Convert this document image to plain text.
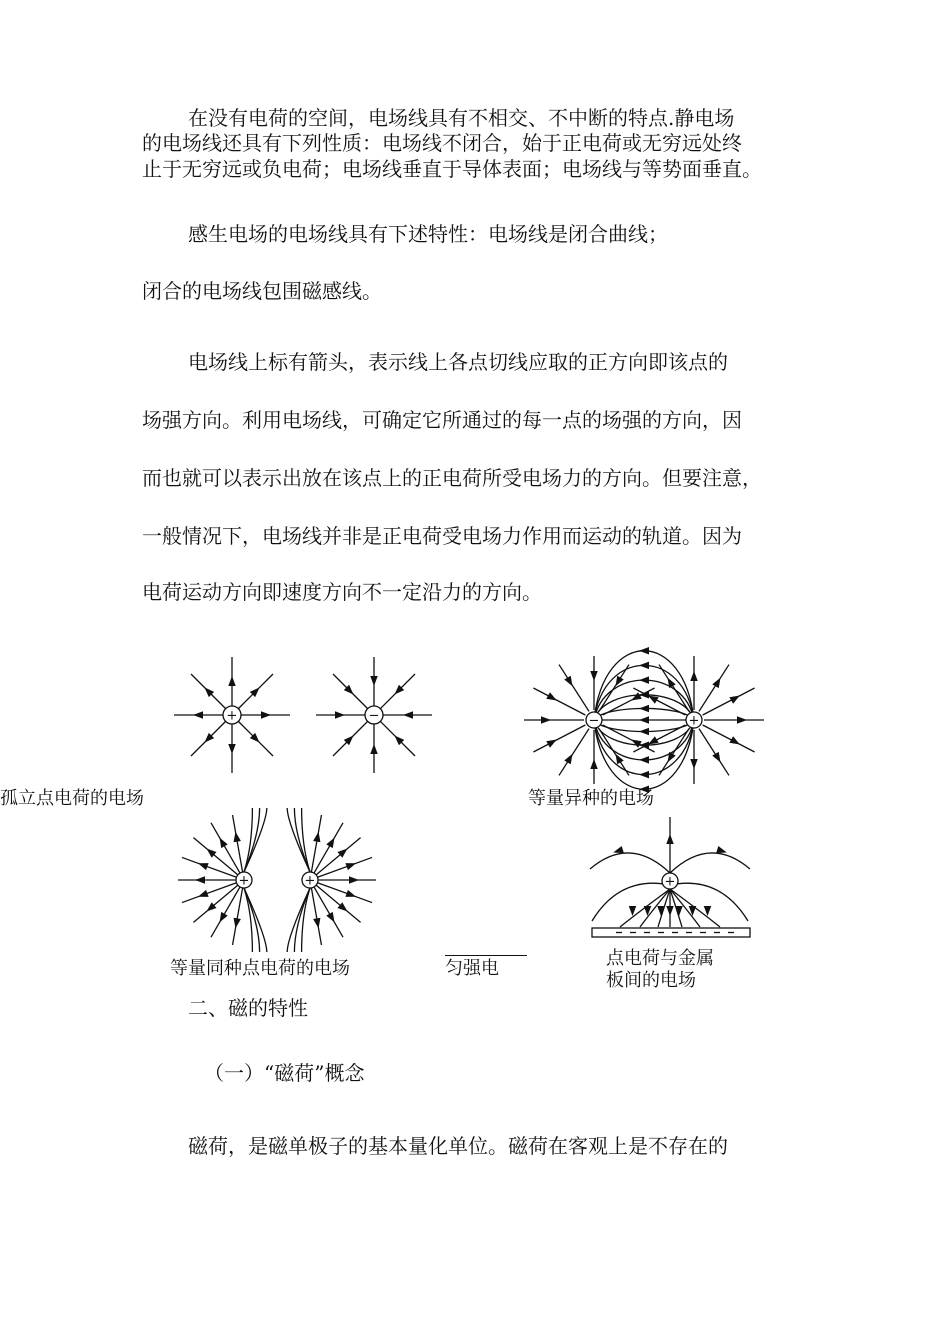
在没有电荷的空间，电场线具有不相交、不中断的特点.静电场
的电场线还具有下列性质：电场线不闭合，始于正电荷或无穷远处终
止于无穷远或负电荷；电场线垂直于导体表面；电场线与等势面垂直。
感生电场的电场线具有下述特性：电场线是闭合曲线；
闭合的电场线包围磁感线。
电场线上标有箭头，表示线上各点切线应取的正方向即该点的
场强方向。利用电场线，可确定它所通过的每一点的场强的方向，因
而也就可以表示出放在该点上的正电荷所受电场力的方向。但要注意，
一般情况下，电场线并非是正电荷受电场力作用而运动的轨道。因为
电荷运动方向即速度方向不一定沿力的方向。
+	−
孤立点电荷的电场
−	+
等量异种的电场
+	+
等量同种点电荷的电场	匀强电
+
点电荷与金属
板间的电场
二、磁的特性
（一）“磁荷”概念
磁荷，是磁单极子的基本量化单位。磁荷在客观上是不存在的
